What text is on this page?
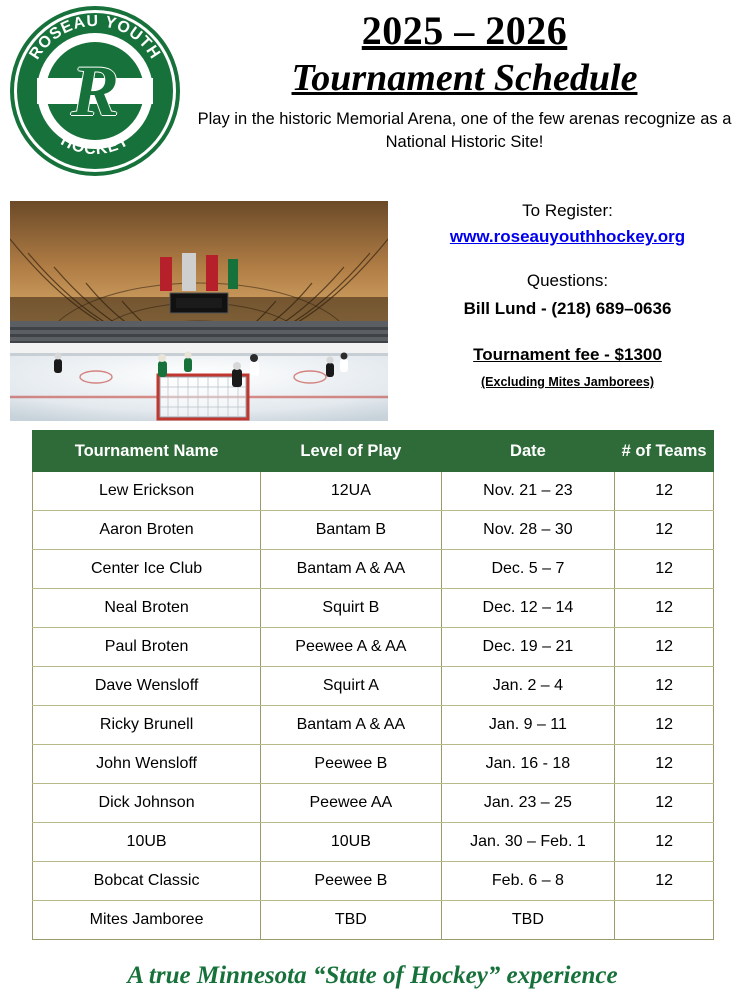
R
ROSEAU YOUTH
HOCKEY
2025 – 2026
Tournament Schedule
Play in the historic Memorial Arena, one of the few arenas recognize as a National Historic Site!
To Register:
www.roseauyouthhockey.org
Questions:
Bill Lund - (218) 689–0636
Tournament fee - $1300
(Excluding Mites Jamborees)
Tournament Name	Level of Play	Date	# of Teams
Lew Erickson	12UA	Nov. 21 – 23	12
Aaron Broten	Bantam B	Nov. 28 – 30	12
Center Ice Club	Bantam A & AA	Dec. 5 – 7	12
Neal Broten	Squirt B	Dec. 12 – 14	12
Paul Broten	Peewee A & AA	Dec. 19 – 21	12
Dave Wensloff	Squirt A	Jan. 2 – 4	12
Ricky Brunell	Bantam A & AA	Jan. 9 – 11	12
John Wensloff	Peewee B	Jan. 16 - 18	12
Dick Johnson	Peewee AA	Jan. 23 – 25	12
10UB	10UB	Jan. 30 – Feb. 1	12
Bobcat Classic	Peewee B	Feb. 6 – 8	12
Mites Jamboree	TBD	TBD	
A true Minnesota “State of Hockey” experience
